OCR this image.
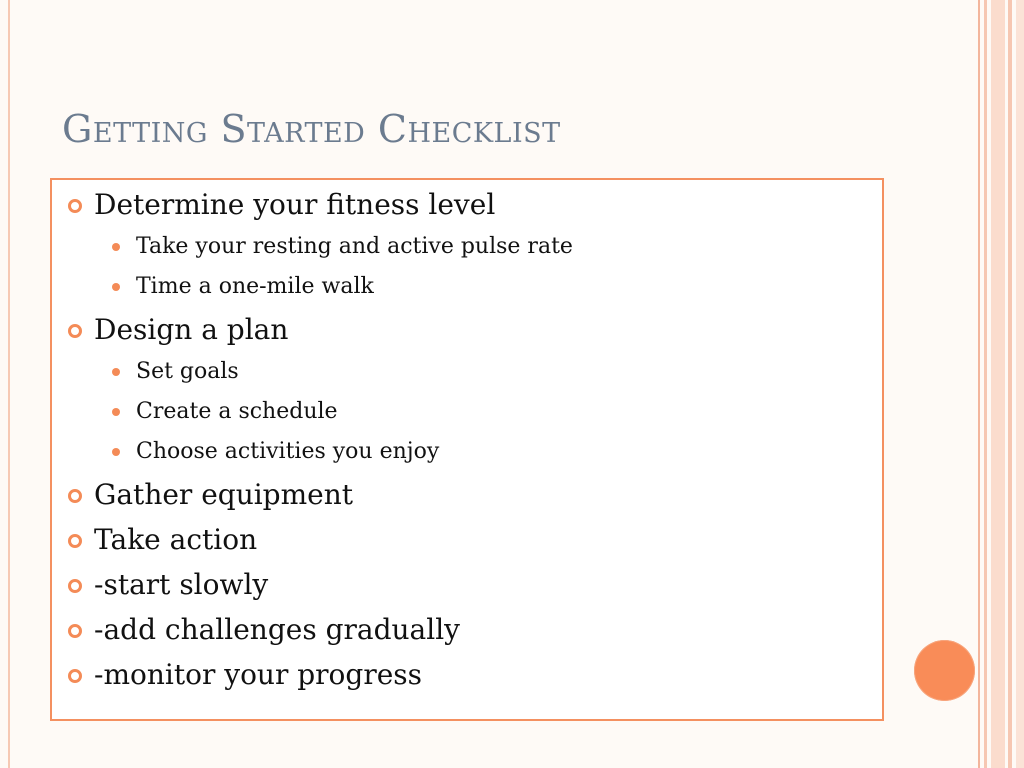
Getting Started Checklist
Determine your fitness level
Take your resting and active pulse rate
Time a one-mile walk
Design a plan
Set goals
Create a schedule
Choose activities you enjoy
Gather equipment
Take action
-start slowly
-add challenges gradually
-monitor your progress
